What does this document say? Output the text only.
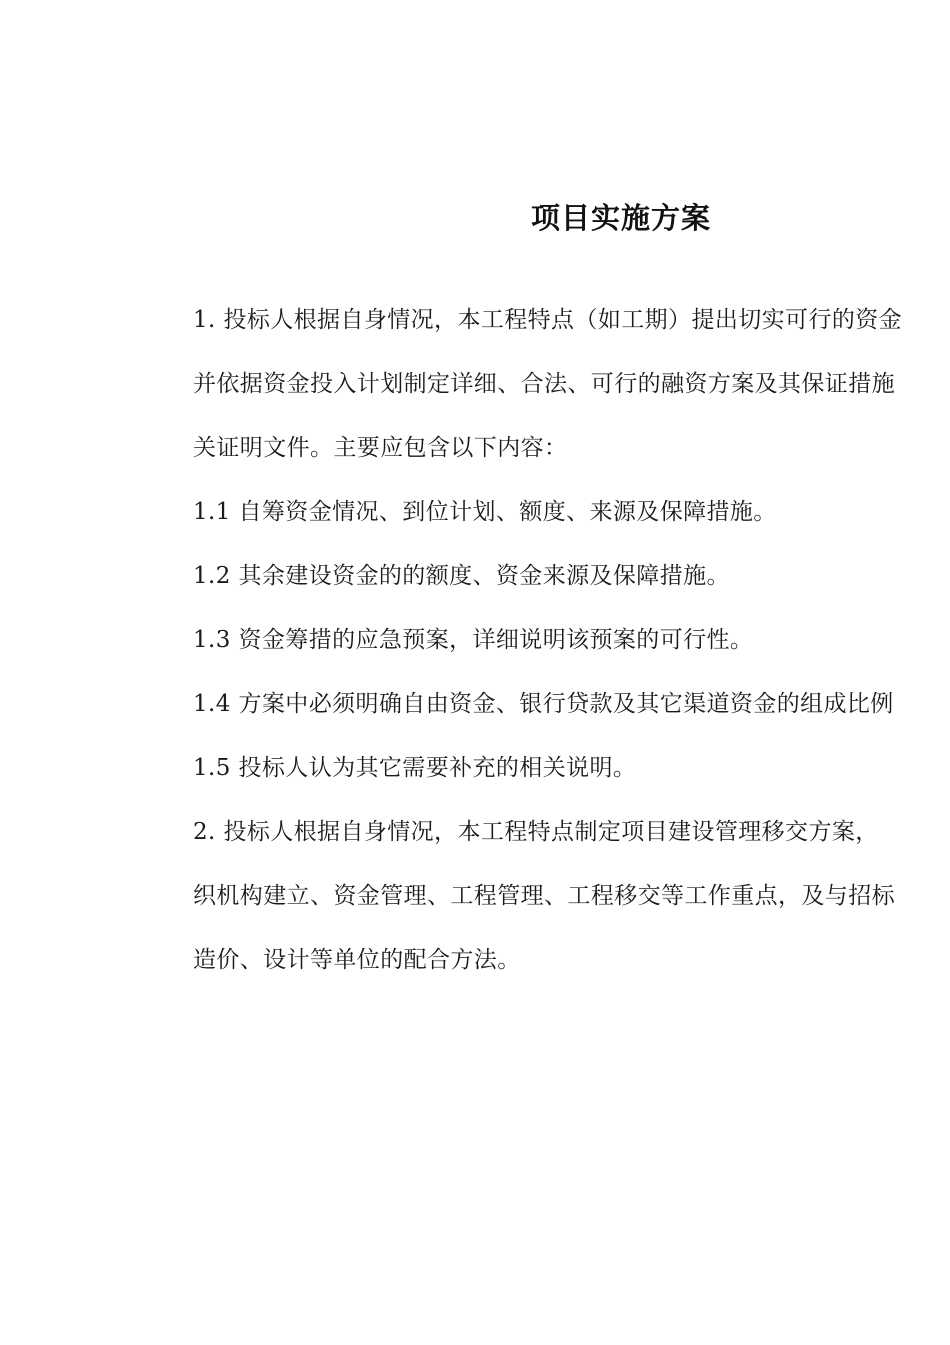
项目实施方案
1. 投标人根据自身情况，本工程特点（如工期）提出切实可行的资金
并依据资金投入计划制定详细、合法、可行的融资方案及其保证措施
关证明文件。主要应包含以下内容：
1.1 自筹资金情况、到位计划、额度、来源及保障措施。
1.2 其余建设资金的的额度、资金来源及保障措施。
1.3 资金筹措的应急预案，详细说明该预案的可行性。
1.4 方案中必须明确自由资金、银行贷款及其它渠道资金的组成比例
1.5 投标人认为其它需要补充的相关说明。
2. 投标人根据自身情况，本工程特点制定项目建设管理移交方案，
织机构建立、资金管理、工程管理、工程移交等工作重点，及与招标
造价、设计等单位的配合方法。
